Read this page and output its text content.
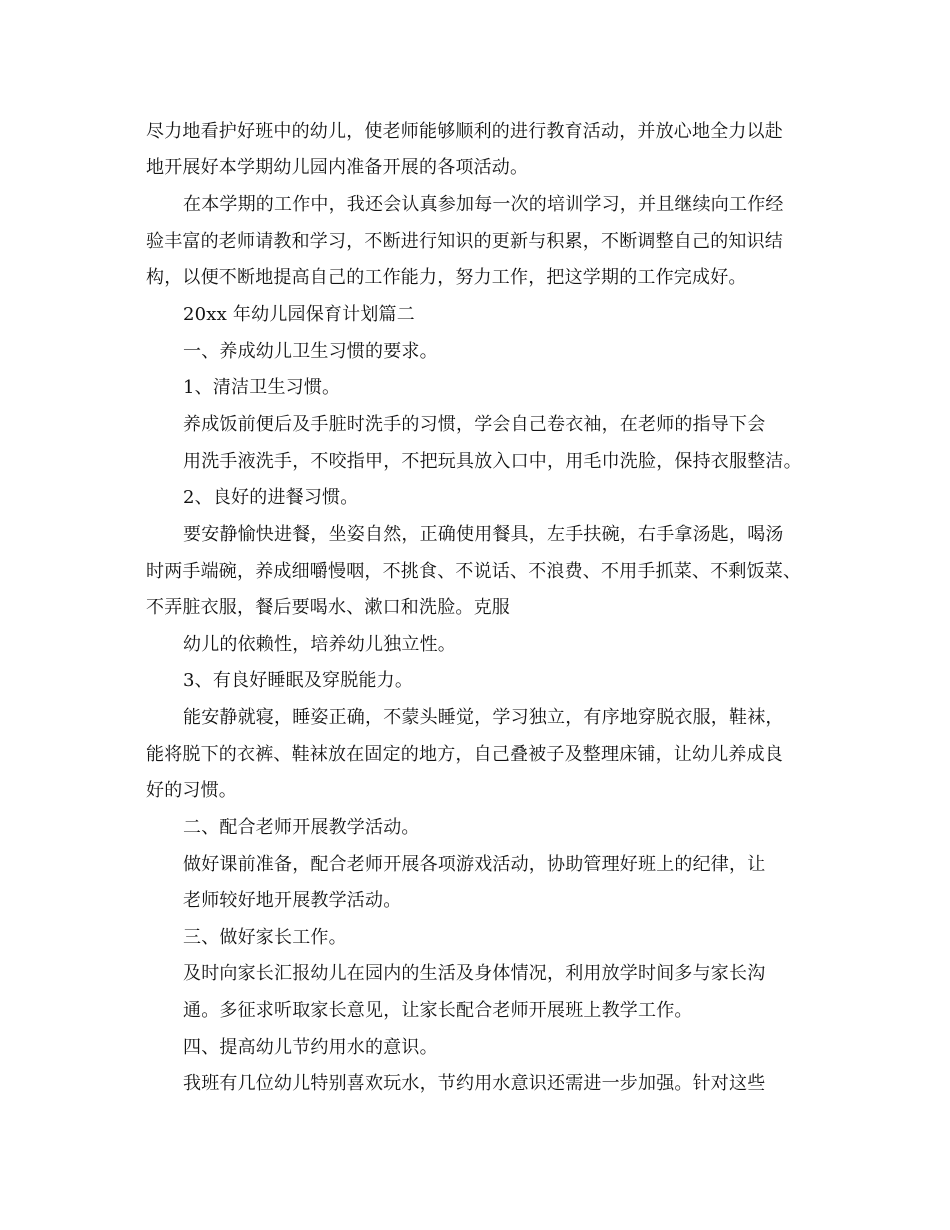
尽力地看护好班中的幼儿，使老师能够顺利的进行教育活动，并放心地全力以赴
地开展好本学期幼儿园内准备开展的各项活动。
在本学期的工作中，我还会认真参加每一次的培训学习，并且继续向工作经
验丰富的老师请教和学习，不断进行知识的更新与积累，不断调整自己的知识结
构，以便不断地提高自己的工作能力，努力工作，把这学期的工作完成好。
20xx 年幼儿园保育计划篇二
一、养成幼儿卫生习惯的要求。
1、清洁卫生习惯。
养成饭前便后及手脏时洗手的习惯，学会自己卷衣袖，在老师的指导下会
用洗手液洗手，不咬指甲，不把玩具放入口中，用毛巾洗脸，保持衣服整洁。
2、良好的进餐习惯。
要安静愉快进餐，坐姿自然，正确使用餐具，左手扶碗，右手拿汤匙，喝汤
时两手端碗，养成细嚼慢咽，不挑食、不说话、不浪费、不用手抓菜、不剩饭菜、
不弄脏衣服，餐后要喝水、漱口和洗脸。克服
幼儿的依赖性，培养幼儿独立性。
3、有良好睡眠及穿脱能力。
能安静就寝，睡姿正确，不蒙头睡觉，学习独立，有序地穿脱衣服，鞋袜，
能将脱下的衣裤、鞋袜放在固定的地方，自己叠被子及整理床铺，让幼儿养成良
好的习惯。
二、配合老师开展教学活动。
做好课前准备，配合老师开展各项游戏活动，协助管理好班上的纪律，让
老师较好地开展教学活动。
三、做好家长工作。
及时向家长汇报幼儿在园内的生活及身体情况，利用放学时间多与家长沟
通。多征求听取家长意见，让家长配合老师开展班上教学工作。
四、提高幼儿节约用水的意识。
我班有几位幼儿特别喜欢玩水，节约用水意识还需进一步加强。针对这些
